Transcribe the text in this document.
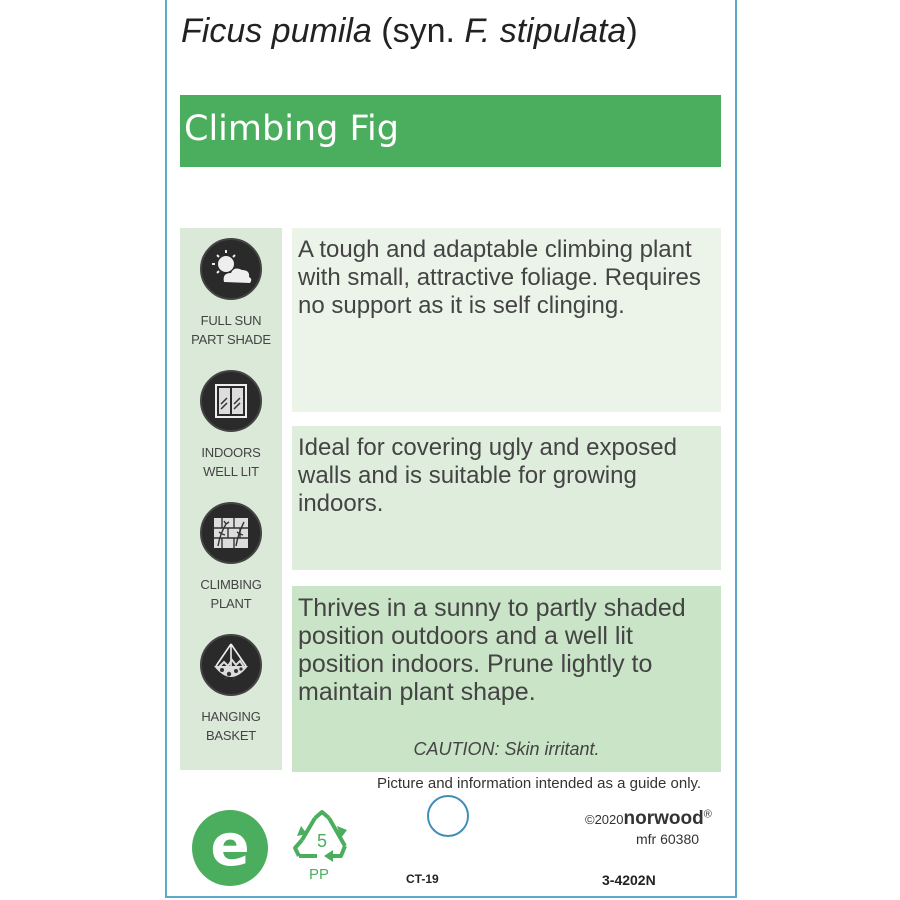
Ficus pumila (syn. F. stipulata)
Climbing Fig
FULL SUN
PART SHADE
INDOORS
WELL LIT
CLIMBING
PLANT
HANGING
BASKET

A tough and adaptable climbing plant with small, attractive foliage. Requires no support as it is self clinging.

Ideal for covering ugly and exposed walls and is suitable for growing indoors.

Thrives in a sunny to partly shaded position outdoors and a well lit position indoors. Prune lightly to maintain plant shape.

CAUTION: Skin irritant.
Picture and information intended as a guide only.
e	5
PP	CT-19
©2020norwood®
mfr 60380
3-4202N
